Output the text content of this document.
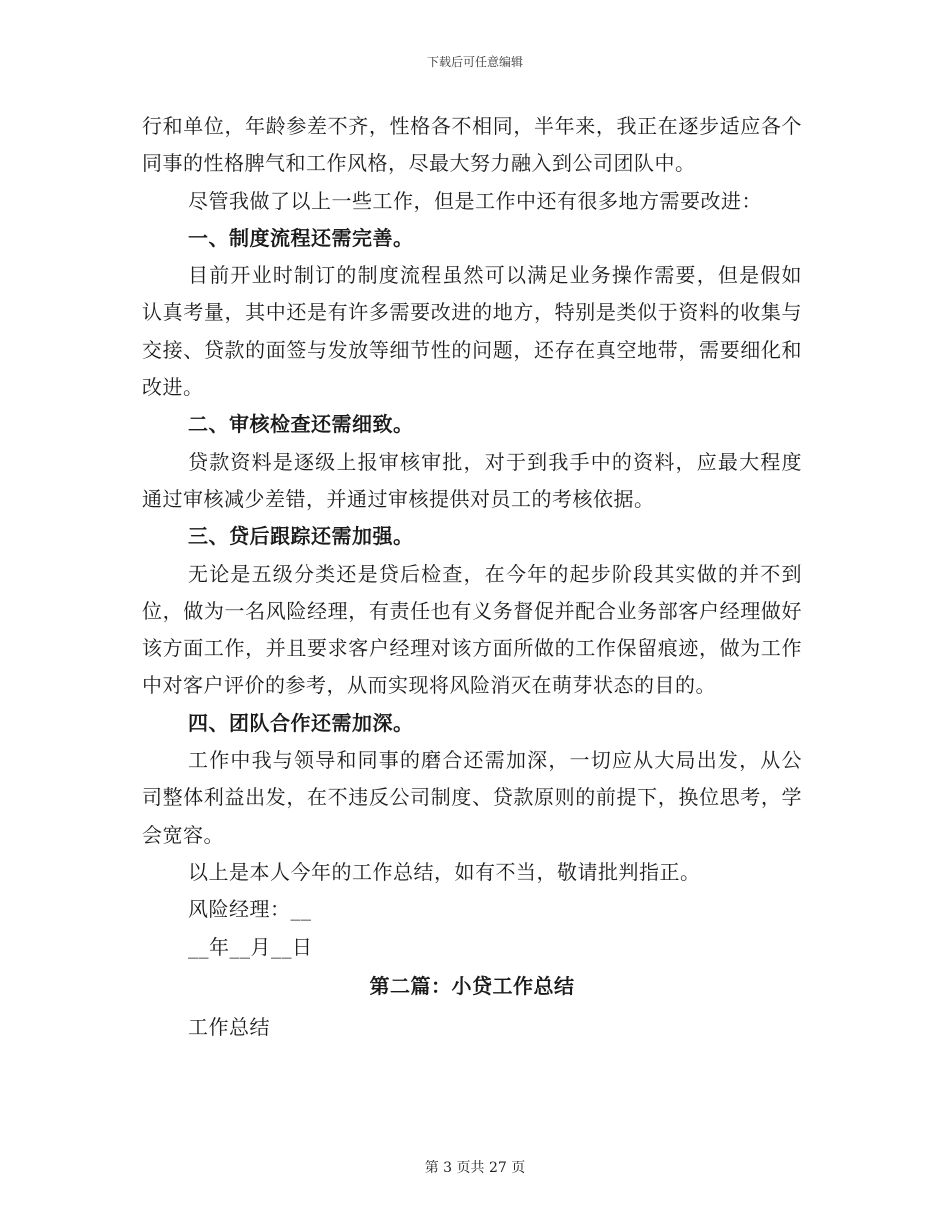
下载后可任意编辑

行和单位，年龄参差不齐，性格各不相同，半年来，我正在逐步适应各个同事的性格脾气和工作风格，尽最大努力融入到公司团队中。

尽管我做了以上一些工作，但是工作中还有很多地方需要改进：

一、制度流程还需完善。

目前开业时制订的制度流程虽然可以满足业务操作需要，但是假如认真考量，其中还是有许多需要改进的地方，特别是类似于资料的收集与交接、贷款的面签与发放等细节性的问题，还存在真空地带，需要细化和改进。

二、审核检查还需细致。

贷款资料是逐级上报审核审批，对于到我手中的资料，应最大程度通过审核减少差错，并通过审核提供对员工的考核依据。

三、贷后跟踪还需加强。

无论是五级分类还是贷后检查，在今年的起步阶段其实做的并不到位，做为一名风险经理，有责任也有义务督促并配合业务部客户经理做好该方面工作，并且要求客户经理对该方面所做的工作保留痕迹，做为工作中对客户评价的参考，从而实现将风险消灭在萌芽状态的目的。

四、团队合作还需加深。

工作中我与领导和同事的磨合还需加深，一切应从大局出发，从公司整体利益出发，在不违反公司制度、贷款原则的前提下，换位思考，学会宽容。

以上是本人今年的工作总结，如有不当，敬请批判指正。

风险经理：__

__年__月__日

第二篇：小贷工作总结

工作总结

第 3 页共 27 页
